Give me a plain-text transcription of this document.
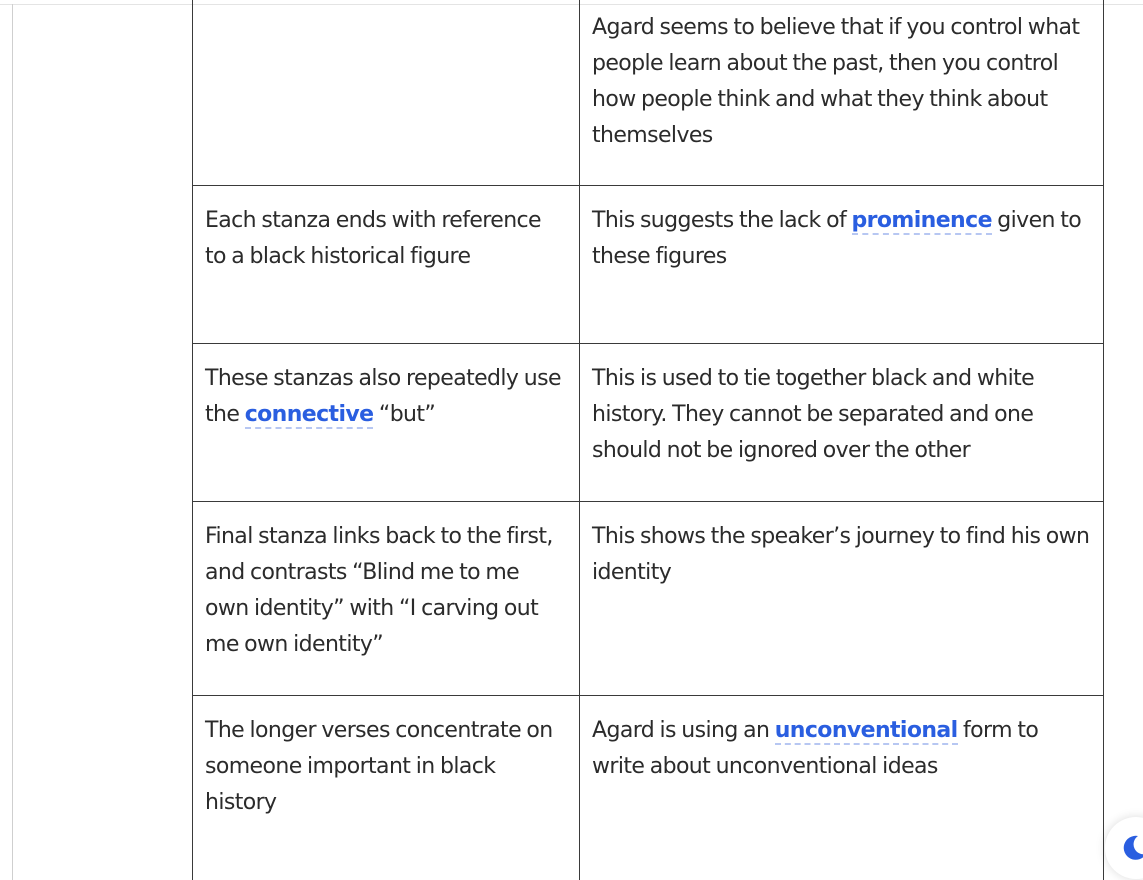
	Agard seems to believe that if you control what people learn about the past, then you control how people think and what they think about themselves
Each stanza ends with reference to a black historical figure	This suggests the lack of prominence given to these figures
These stanzas also repeatedly use the connective “but”	This is used to tie together black and white history. They cannot be separated and one should not be ignored over the other
Final stanza links back to the first, and contrasts “Blind me to me own identity” with “I carving out me own identity”	This shows the speaker’s journey to find his own identity
The longer verses concentrate on someone important in black history	Agard is using an unconventional form to write about unconventional ideas
